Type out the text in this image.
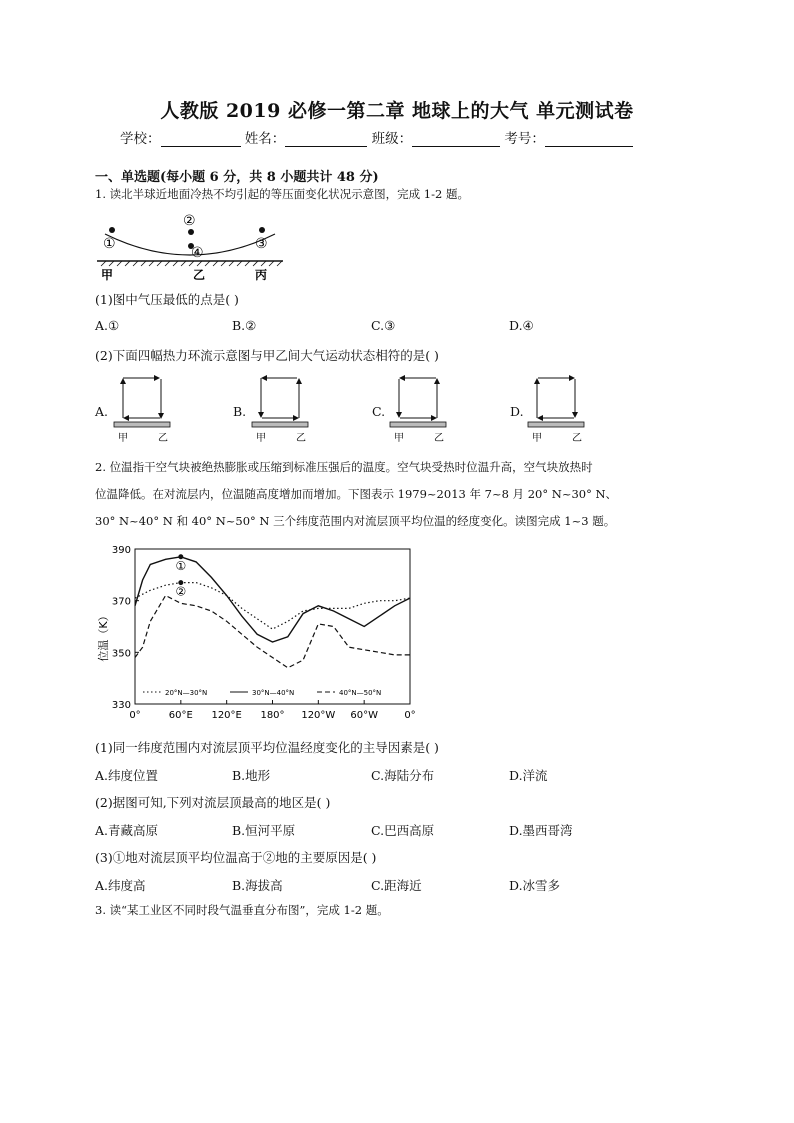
人教版 2019 必修一第二章 地球上的大气 单元测试卷
学校：	姓名：	班级：	考号：
一、单选题(每小题 6 分，共 8 小题共计 48 分)
1. 读北半球近地面冷热不均引起的等压面变化状况示意图，完成 1-2 题。
①
②
③
④
甲	乙	丙
(1)图中气压最低的点是( )
A.①	B.②	C.③	D.④
(2)下面四幅热力环流示意图与甲乙间大气运动状态相符的是( )
A.	B.	C.	D.
甲	乙	甲	乙	甲	乙	甲	乙
2. 位温指干空气块被绝热膨胀或压缩到标准压强后的温度。空气块受热时位温升高，空气块放热时
位温降低。在对流层内，位温随高度增加而增加。下图表示 1979~2013 年 7~8 月 20° N~30° N、
30° N~40° N 和 40° N~50° N 三个纬度范围内对流层顶平均位温的经度变化。读图完成 1~3 题。
330
350
370
390
0°	60°E 120°E 180° 120°W 60°W	0°
①
②
位温（K）
20°N—30°N	30°N—40°N	40°N—50°N
(1)同一纬度范围内对流层顶平均位温经度变化的主导因素是( )
A.纬度位置	B.地形	C.海陆分布	D.洋流
(2)据图可知,下列对流层顶最高的地区是( )
A.青藏高原	B.恒河平原	C.巴西高原	D.墨西哥湾
(3)①地对流层顶平均位温高于②地的主要原因是( )
A.纬度高	B.海拔高	C.距海近	D.冰雪多
3. 读“某工业区不同时段气温垂直分布图”，完成 1-2 题。
